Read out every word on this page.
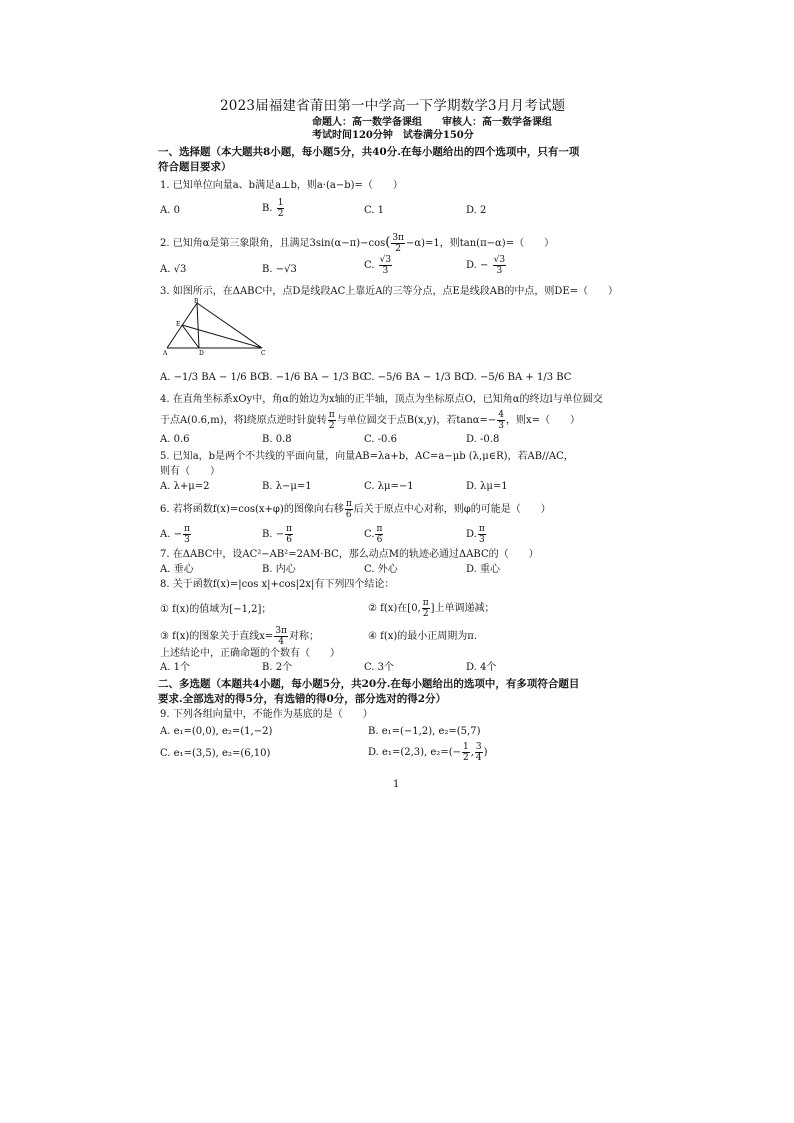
2023届福建省莆田第一中学高一下学期数学3月月考试题
命题人：高一数学备课组　　审核人：高一数学备课组
考试时间120分钟　试卷满分150分
一、选择题（本大题共8小题，每小题5分，共40分.在每小题给出的四个选项中，只有一项
符合题目要求）
1. 已知单位向量a、b满足a⊥b，则a·(a−b)=（　　）
A. 0	B. $\frac{1}{2}$	C. 1	D. 2
2. 已知角α是第三象限角，且满足$3\sin(\alpha-\pi)-\cos( \frac{3\pi}{2} -\alpha)=1$，则tan(π−α)=（　　）
A. √3	B. −√3	C. $\frac{√3}{3}$	D. − $\frac{√3}{3}$
3. 如图所示，在ΔABC中，点D是线段AC上靠近A的三等分点，点E是线段AB的中点，则DE=（　　）
B
E
A	D	C
A. −1/3 BA − 1/6 BC
B. −1/6 BA − 1/3 BC
C. −5/6 BA − 1/3 BC
D. −5/6 BA + 1/3 BC
4. 在直角坐标系xOy中，角α的始边为x轴的正半轴，顶点为坐标原点O，已知角α的终边l与单位圆交
于点A(0.6,m)，将l绕原点逆时针旋转 $\frac{\pi}{2}$ 与单位圆交于点B(x,y)，若$\tan\alpha=- \frac{4}{3}$ ，则x=（　　）
A. 0.6	B. 0.8	C. -0.6	D. -0.8
5. 已知a，b是两个不共线的平面向量，向量AB=λa+b，AC=a−μb (λ,μ∈R)，若AB//AC，
则有（　　）
A. λ+μ=2	B. λ−μ=1	C. λμ=−1	D. λμ=1
6. 若将函数f(x)=cos(x+φ)的图像向右移 $\frac{\pi}{6}$ 后关于原点中心对称，则φ的可能是（　　）
A. − $\frac{\pi}{3}$	B. − $\frac{\pi}{6}$	C. $\frac{\pi}{6}$	D. $\frac{\pi}{3}$
7. 在ΔABC中，设AC²−AB²=2AM·BC，那么动点M的轨迹必通过ΔABC的（　　）
A. 垂心	B. 内心	C. 外心	D. 重心
8. 关于函数f(x)=|cos x|+cos|2x|有下列四个结论：
① f(x)的值域为[−1,2]；	② f(x)在[0, $\frac{\pi}{2}$ ]上单调递减；
③ f(x)的图象关于直线$x= \frac{3\pi}{4}$ 对称；	④ f(x)的最小正周期为π.
上述结论中，正确命题的个数有（　　）
A. 1个	B. 2个	C. 3个	D. 4个
二、多选题（本题共4小题，每小题5分，共20分.在每小题给出的选项中，有多项符合题目
要求.全部选对的得5分，有选错的得0分，部分选对的得2分）
9. 下列各组向量中，不能作为基底的是（　　）
A. e₁=(0,0), e₂=(1,−2)	B. e₁=(−1,2), e₂=(5,7)
C. e₁=(3,5), e₂=(6,10)	D. e₁=(2,3), $e_2=(- \frac{1}{2}$ , $\frac{3}{4}$ )
1
